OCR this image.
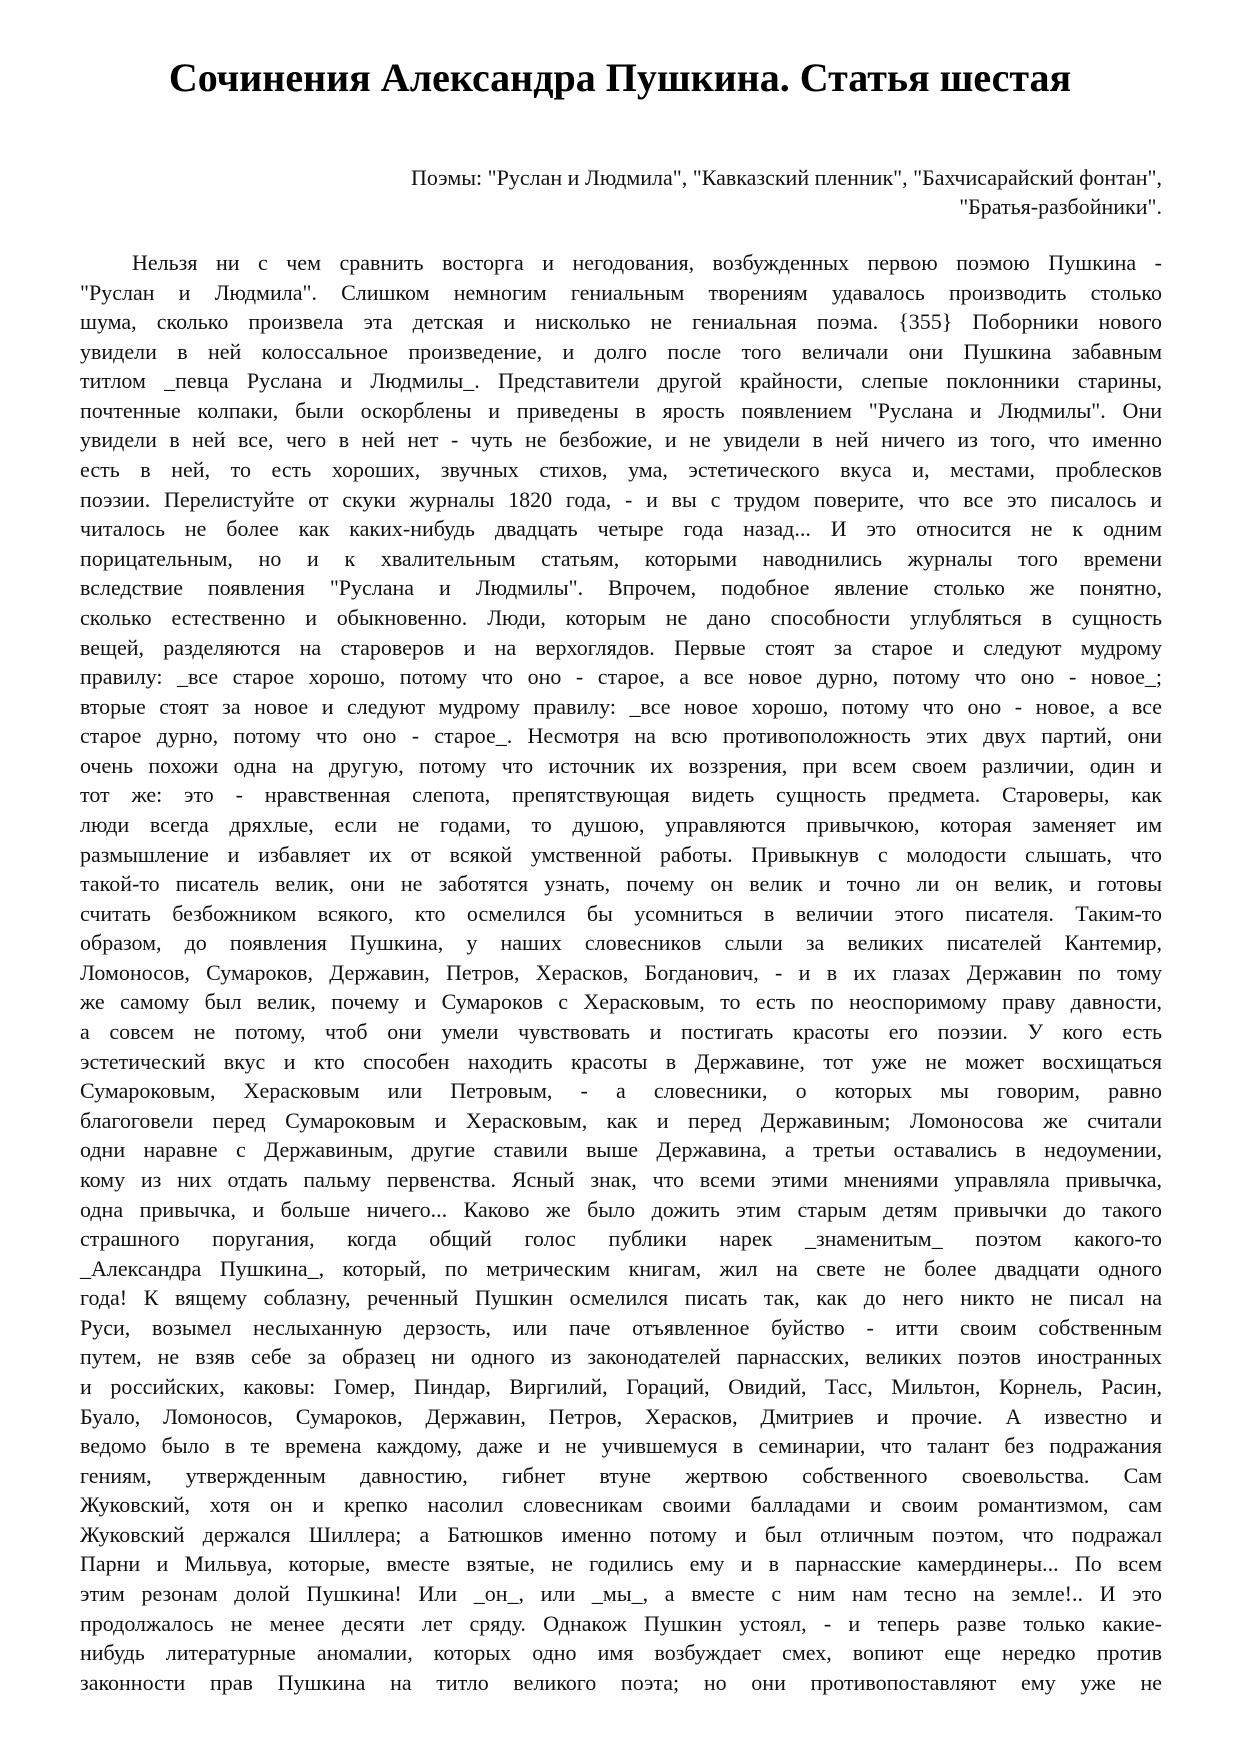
Сочинения Александра Пушкина. Статья шестая
Поэмы: "Руслан и Людмила", "Кавказский пленник", "Бахчисарайский фонтан",
"Братья-разбойники".
Нельзя ни с чем сравнить восторга и негодования, возбужденных первою поэмою Пушкина -
"Руслан и Людмила". Слишком немногим гениальным творениям удавалось производить столько
шума, сколько произвела эта детская и нисколько не гениальная поэма. {355} Поборники нового
увидели в ней колоссальное произведение, и долго после того величали они Пушкина забавным
титлом _певца Руслана и Людмилы_. Представители другой крайности, слепые поклонники старины,
почтенные колпаки, были оскорблены и приведены в ярость появлением "Руслана и Людмилы". Они
увидели в ней все, чего в ней нет - чуть не безбожие, и не увидели в ней ничего из того, что именно
есть в ней, то есть хороших, звучных стихов, ума, эстетического вкуса и, местами, проблесков
поэзии. Перелистуйте от скуки журналы 1820 года, - и вы с трудом поверите, что все это писалось и
читалось не более как каких-нибудь двадцать четыре года назад... И это относится не к одним
порицательным, но и к хвалительным статьям, которыми наводнились журналы того времени
вследствие появления "Руслана и Людмилы". Впрочем, подобное явление столько же понятно,
сколько естественно и обыкновенно. Люди, которым не дано способности углубляться в сущность
вещей, разделяются на староверов и на верхоглядов. Первые стоят за старое и следуют мудрому
правилу: _все старое хорошо, потому что оно - старое, а все новое дурно, потому что оно - новое_;
вторые стоят за новое и следуют мудрому правилу: _все новое хорошо, потому что оно - новое, а все
старое дурно, потому что оно - старое_. Несмотря на всю противоположность этих двух партий, они
очень похожи одна на другую, потому что источник их воззрения, при всем своем различии, один и
тот же: это - нравственная слепота, препятствующая видеть сущность предмета. Староверы, как
люди всегда дряхлые, если не годами, то душою, управляются привычкою, которая заменяет им
размышление и избавляет их от всякой умственной работы. Привыкнув с молодости слышать, что
такой-то писатель велик, они не заботятся узнать, почему он велик и точно ли он велик, и готовы
считать безбожником всякого, кто осмелился бы усомниться в величии этого писателя. Таким-то
образом, до появления Пушкина, у наших словесников слыли за великих писателей Кантемир,
Ломоносов, Сумароков, Державин, Петров, Херасков, Богданович, - и в их глазах Державин по тому
же самому был велик, почему и Сумароков с Херасковым, то есть по неоспоримому праву давности,
а совсем не потому, чтоб они умели чувствовать и постигать красоты его поэзии. У кого есть
эстетический вкус и кто способен находить красоты в Державине, тот уже не может восхищаться
Сумароковым, Херасковым или Петровым, - а словесники, о которых мы говорим, равно
благоговели перед Сумароковым и Херасковым, как и перед Державиным; Ломоносова же считали
одни наравне с Державиным, другие ставили выше Державина, а третьи оставались в недоумении,
кому из них отдать пальму первенства. Ясный знак, что всеми этими мнениями управляла привычка,
одна привычка, и больше ничего... Каково же было дожить этим старым детям привычки до такого
страшного поругания, когда общий голос публики нарек _знаменитым_ поэтом какого-то
_Александра Пушкина_, который, по метрическим книгам, жил на свете не более двадцати одного
года! К вящему соблазну, реченный Пушкин осмелился писать так, как до него никто не писал на
Руси, возымел неслыханную дерзость, или паче отъявленное буйство - итти своим собственным
путем, не взяв себе за образец ни одного из законодателей парнасских, великих поэтов иностранных
и российских, каковы: Гомер, Пиндар, Виргилий, Гораций, Овидий, Тасс, Мильтон, Корнель, Расин,
Буало, Ломоносов, Сумароков, Державин, Петров, Херасков, Дмитриев и прочие. А известно и
ведомо было в те времена каждому, даже и не учившемуся в семинарии, что талант без подражания
гениям, утвержденным давностию, гибнет втуне жертвою собственного своевольства. Сам
Жуковский, хотя он и крепко насолил словесникам своими балладами и своим романтизмом, сам
Жуковский держался Шиллера; а Батюшков именно потому и был отличным поэтом, что подражал
Парни и Мильвуа, которые, вместе взятые, не годились ему и в парнасские камердинеры... По всем
этим резонам долой Пушкина! Или _он_, или _мы_, а вместе с ним нам тесно на земле!.. И это
продолжалось не менее десяти лет сряду. Однакож Пушкин устоял, - и теперь разве только какие-
нибудь литературные аномалии, которых одно имя возбуждает смех, вопиют еще нередко против
законности прав Пушкина на титло великого поэта; но они противопоставляют ему уже не
